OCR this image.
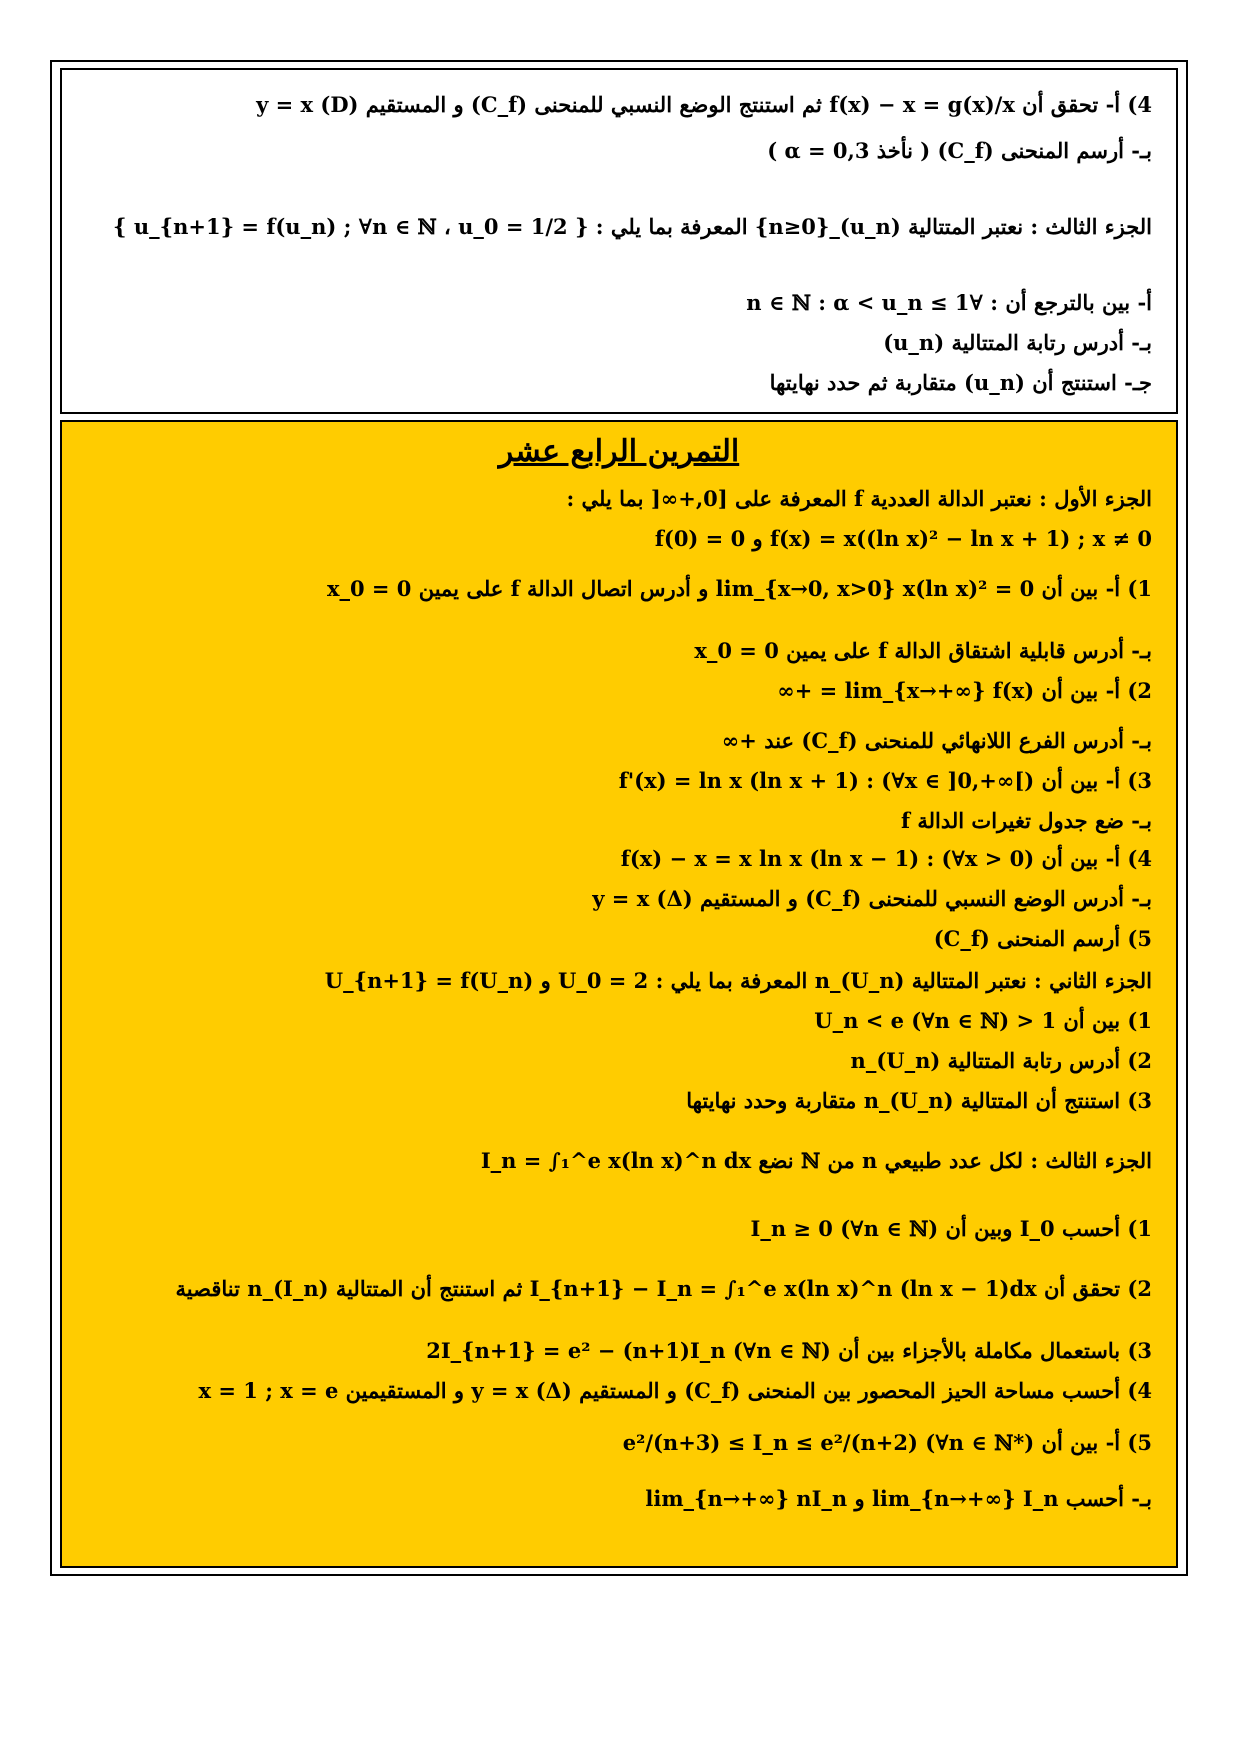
4) أ- تحقق أن f(x) − x = g(x)/x ثم استنتج الوضع النسبي للمنحنى (C_f) و المستقيم (D) y = x
بـ- أرسم المنحنى (C_f) ( نأخذ α = 0,3 )
الجزء الثالث : نعتبر المتتالية (u_n)_{n≥0} المعرفة بما يلي : { u_{n+1} = f(u_n) ; ∀n ∈ ℕ ، u_0 = 1/2 }
أ- بين بالترجع أن : ∀n ∈ ℕ : α < u_n ≤ 1
بـ- أدرس رتابة المتتالية (u_n)
جـ- استنتج أن (u_n) متقاربة ثم حدد نهايتها
التمرين الرابع عشر
الجزء الأول : نعتبر الدالة العددية f المعرفة على [0,+∞[ بما يلي :
f(x) = x((ln x)² − ln x + 1) ; x ≠ 0 و f(0) = 0
1) أ- بين أن lim_{x→0, x>0} x(ln x)² = 0 و أدرس اتصال الدالة f على يمين x_0 = 0
بـ- أدرس قابلية اشتقاق الدالة f على يمين x_0 = 0
2) أ- بين أن lim_{x→+∞} f(x) = +∞
بـ- أدرس الفرع اللانهائي للمنحنى (C_f) عند +∞
3) أ- بين أن f'(x) = ln x (ln x + 1) : (∀x ∈ ]0,+∞[)
بـ- ضع جدول تغيرات الدالة f
4) أ- بين أن f(x) − x = x ln x (ln x − 1) : (∀x > 0)
بـ- أدرس الوضع النسبي للمنحنى (C_f) و المستقيم (Δ) y = x
5) أرسم المنحنى (C_f)
الجزء الثاني : نعتبر المتتالية (U_n)_n المعرفة بما يلي : U_0 = 2 و U_{n+1} = f(U_n)
1) بين أن 1 < U_n < e (∀n ∈ ℕ)
2) أدرس رتابة المتتالية (U_n)_n
3) استنتج أن المتتالية (U_n)_n متقاربة وحدد نهايتها
الجزء الثالث : لكل عدد طبيعي n من ℕ نضع I_n = ∫₁^e x(ln x)^n dx
1) أحسب I_0 وبين أن I_n ≥ 0 (∀n ∈ ℕ)
2) تحقق أن I_{n+1} − I_n = ∫₁^e x(ln x)^n (ln x − 1)dx ثم استنتج أن المتتالية (I_n)_n تناقصية
3) باستعمال مكاملة بالأجزاء بين أن 2I_{n+1} = e² − (n+1)I_n (∀n ∈ ℕ)
4) أحسب مساحة الحيز المحصور بين المنحنى (C_f) و المستقيم (Δ) y = x و المستقيمين x = 1 ; x = e
5) أ- بين أن e²/(n+3) ≤ I_n ≤ e²/(n+2) (∀n ∈ ℕ*)
بـ- أحسب lim_{n→+∞} I_n و lim_{n→+∞} nI_n
